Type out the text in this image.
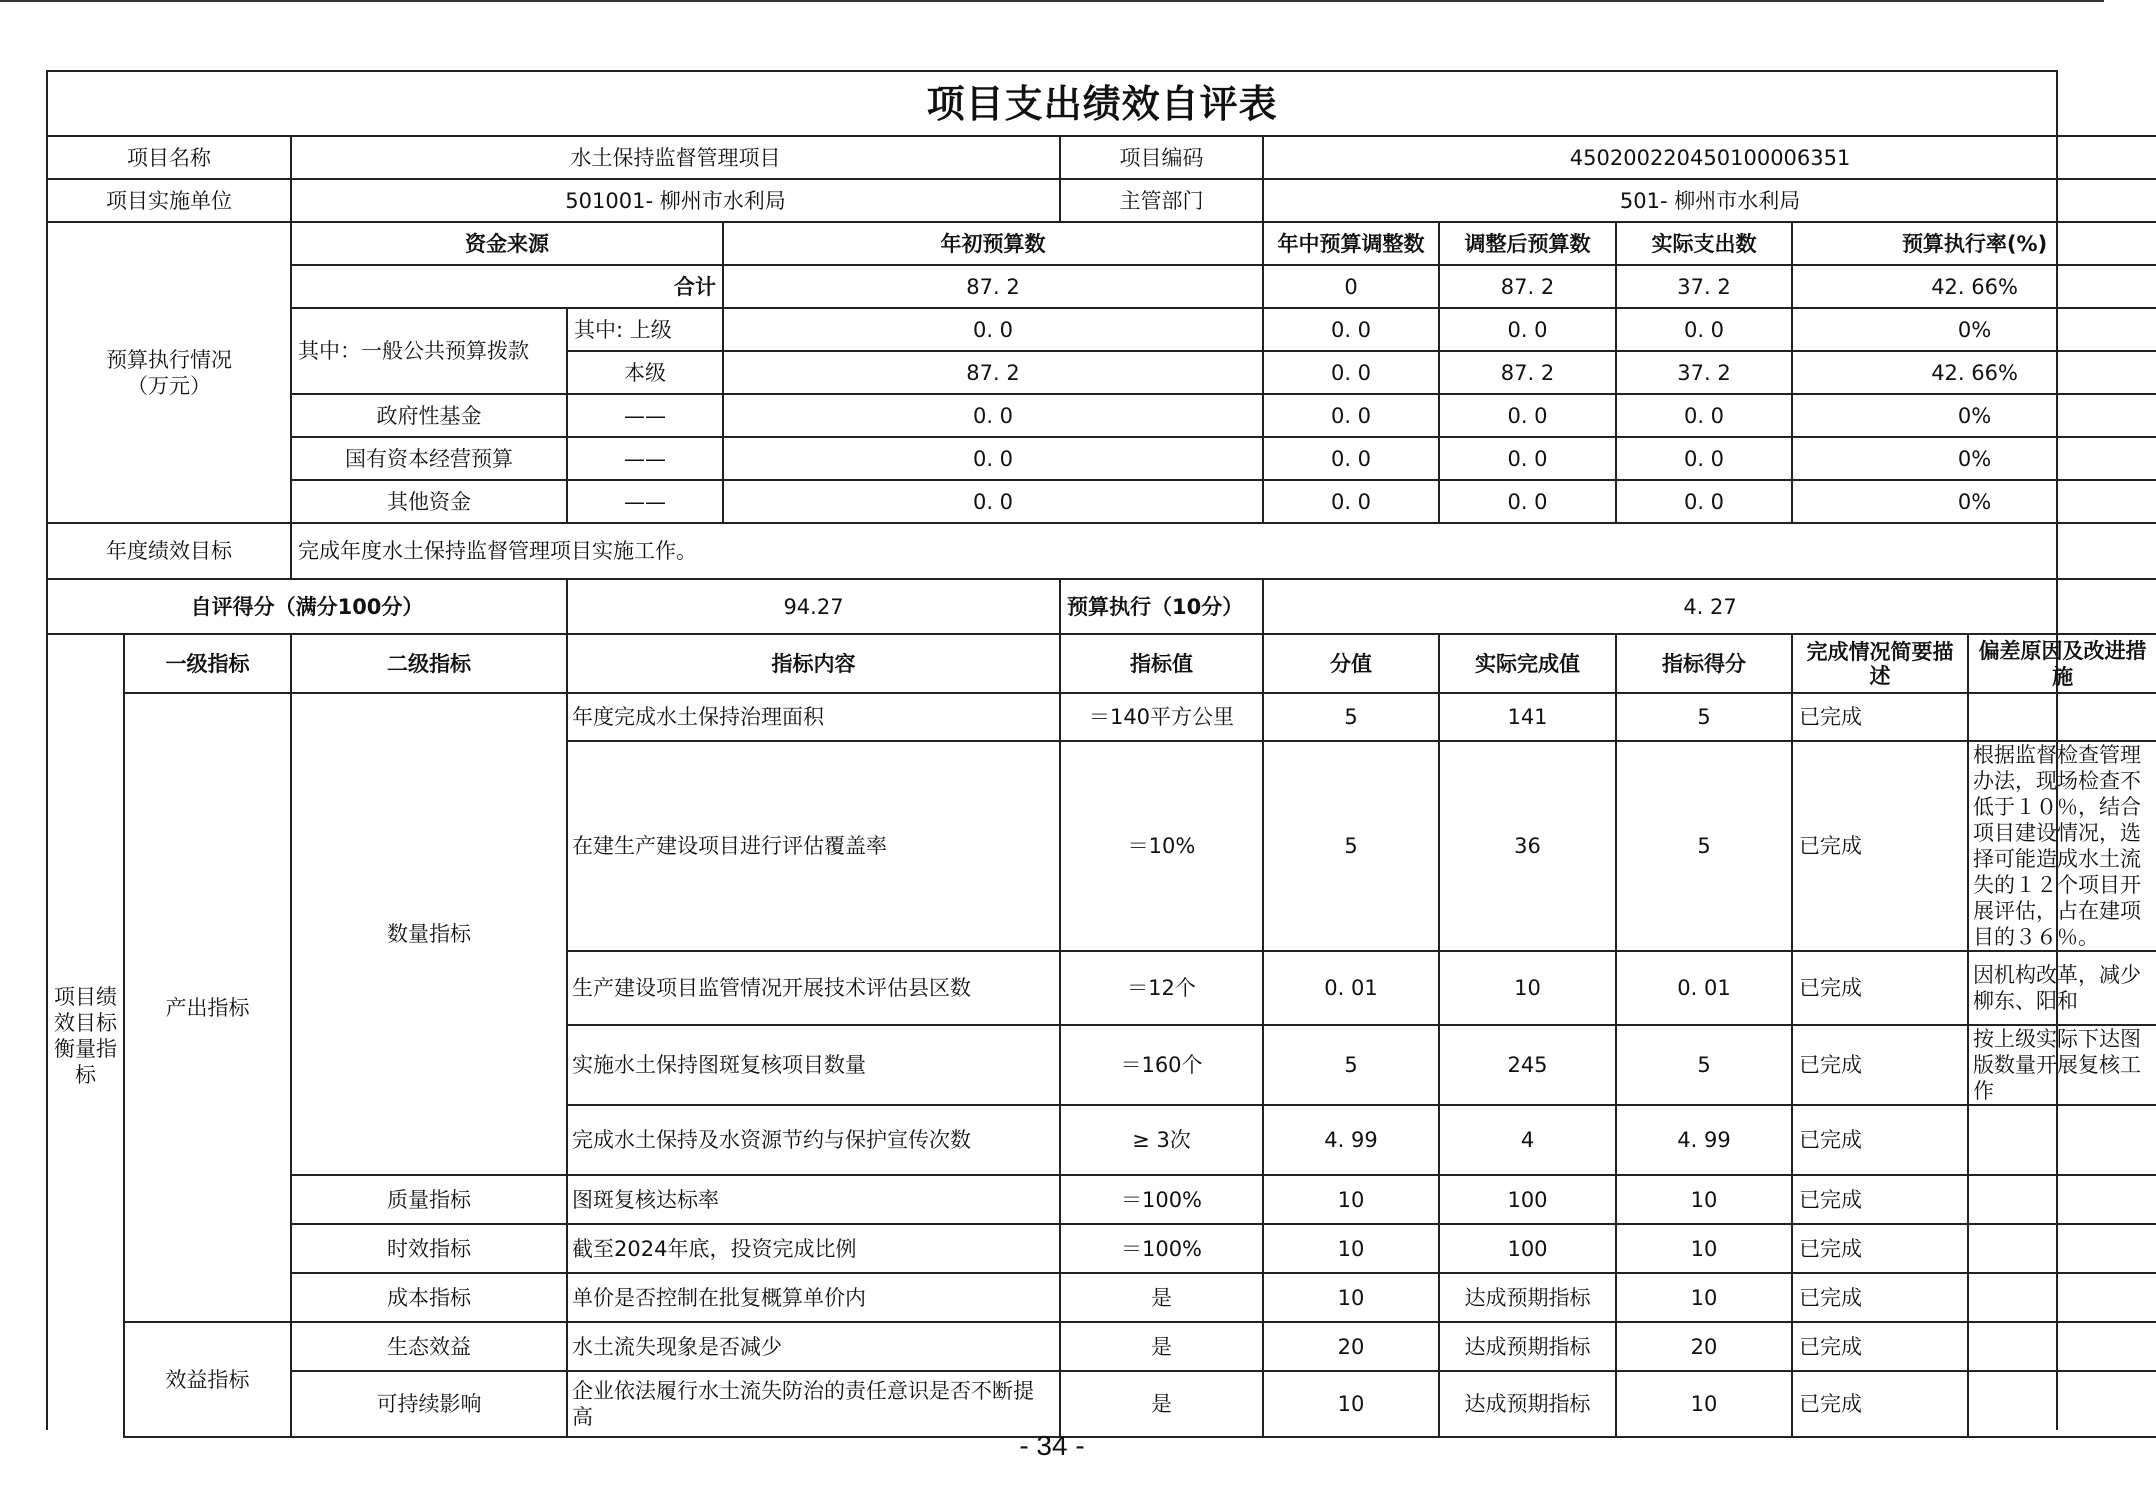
项目支出绩效自评表										
项目名称		水土保持监督管理项目			项目编码	450200220450100006351				
项目实施单位		501001- 柳州市水利局			主管部门	501- 柳州市水利局				
预算执行情况
（万元）		资金来源		年初预算数		年中预算调整数	调整后预算数	实际支出数	预算执行率(%)	
		合计		87. 2		0	87. 2	37. 2	42. 66%	
		其中：一般公共预算拨款	其中: 上级	0. 0		0. 0	0. 0	0. 0	0%	
			本级	87. 2		0. 0	87. 2	37. 2	42. 66%	
		政府性基金	——	0. 0		0. 0	0. 0	0. 0	0%	
		国有资本经营预算	——	0. 0		0. 0	0. 0	0. 0	0%	
		其他资金	——	0. 0		0. 0	0. 0	0. 0	0%	
年度绩效目标		完成年度水土保持监督管理项目实施工作。								
自评得分（满分100分）			94.27		预算执行（10分）	4. 27				
项目绩效目标衡量指标	一级指标	二级指标	指标内容		指标值	分值	实际完成值	指标得分	完成情况简要描述	偏差原因及改进措施
	产出指标	数量指标	年度完成水土保持治理面积		＝140平方公里	5	141	5	已完成	
			在建生产建设项目进行评估覆盖率		＝10%	5	36	5	已完成	根据监督检查管理办法，现场检查不低于１０％，结合项目建设情况，选择可能造成水土流失的１２个项目开展评估，占在建项目的３６％。
			生产建设项目监管情况开展技术评估县区数		＝12个	0. 01	10	0. 01	已完成	因机构改革，减少柳东、阳和
			实施水土保持图斑复核项目数量		＝160个	5	245	5	已完成	按上级实际下达图版数量开展复核工作
			完成水土保持及水资源节约与保护宣传次数		≥ 3次	4. 99	4	4. 99	已完成	
		质量指标	图斑复核达标率		＝100%	10	100	10	已完成	
		时效指标	截至2024年底，投资完成比例		＝100%	10	100	10	已完成	
		成本指标	单价是否控制在批复概算单价内		是	10	达成预期指标	10	已完成	
	效益指标	生态效益	水土流失现象是否减少		是	20	达成预期指标	20	已完成	
		可持续影响	企业依法履行水土流失防治的责任意识是否不断提高		是	10	达成预期指标	10	已完成	
- 34 -
